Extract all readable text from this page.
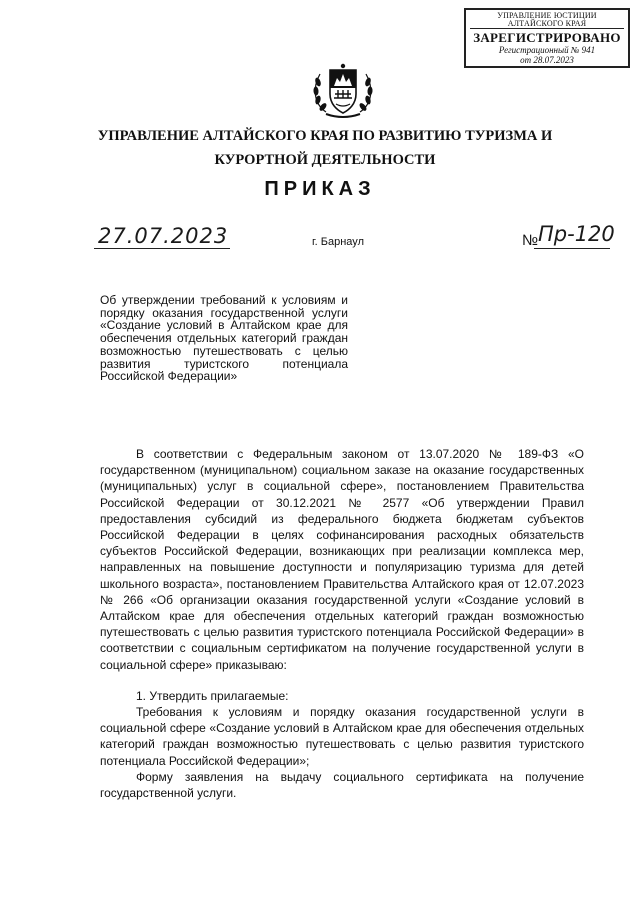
УПРАВЛЕНИЕ ЮСТИЦИИ
АЛТАЙСКОГО КРАЯ
ЗАРЕГИСТРИРОВАНО
Регистрационный № 941
от 28.07.2023
УПРАВЛЕНИЕ АЛТАЙСКОГО КРАЯ ПО РАЗВИТИЮ ТУРИЗМА И
КУРОРТНОЙ ДЕЯТЕЛЬНОСТИ
ПРИКАЗ
27.07.2023	г. Барнаул	№ Пр-120
Об утверждении требований к условиям и порядку оказания государственной услуги «Создание условий в Алтайском крае для обеспечения отдельных категорий граждан возможностью путешествовать с целью развития туристского потенциала Российской Федерации»

В соответствии с Федеральным законом от 13.07.2020 № 189-ФЗ «О государственном (муниципальном) социальном заказе на оказание государственных (муниципальных) услуг в социальной сфере», постановлением Правительства Российской Федерации от 30.12.2021 № 2577 «Об утверждении Правил предоставления субсидий из федерального бюджета бюджетам субъектов Российской Федерации в целях софинансирования расходных обязательств субъектов Российской Федерации, возникающих при реализации комплекса мер, направленных на повышение доступности и популяризацию туризма для детей школьного возраста», постановлением Правительства Алтайского края от 12.07.2023 № 266 «Об организации оказания государственной услуги «Создание условий в Алтайском крае для обеспечения отдельных категорий граждан возможностью путешествовать с целью развития туристского потенциала Российской Федерации» в соответствии с социальным сертификатом на получение государственной услуги в социальной сфере» приказываю:

1. Утвердить прилагаемые:

Требования к условиям и порядку оказания государственной услуги в социальной сфере «Создание условий в Алтайском крае для обеспечения отдельных категорий граждан возможностью путешествовать с целью развития туристского потенциала Российской Федерации»;

Форму заявления на выдачу социального сертификата на получение государственной услуги.
